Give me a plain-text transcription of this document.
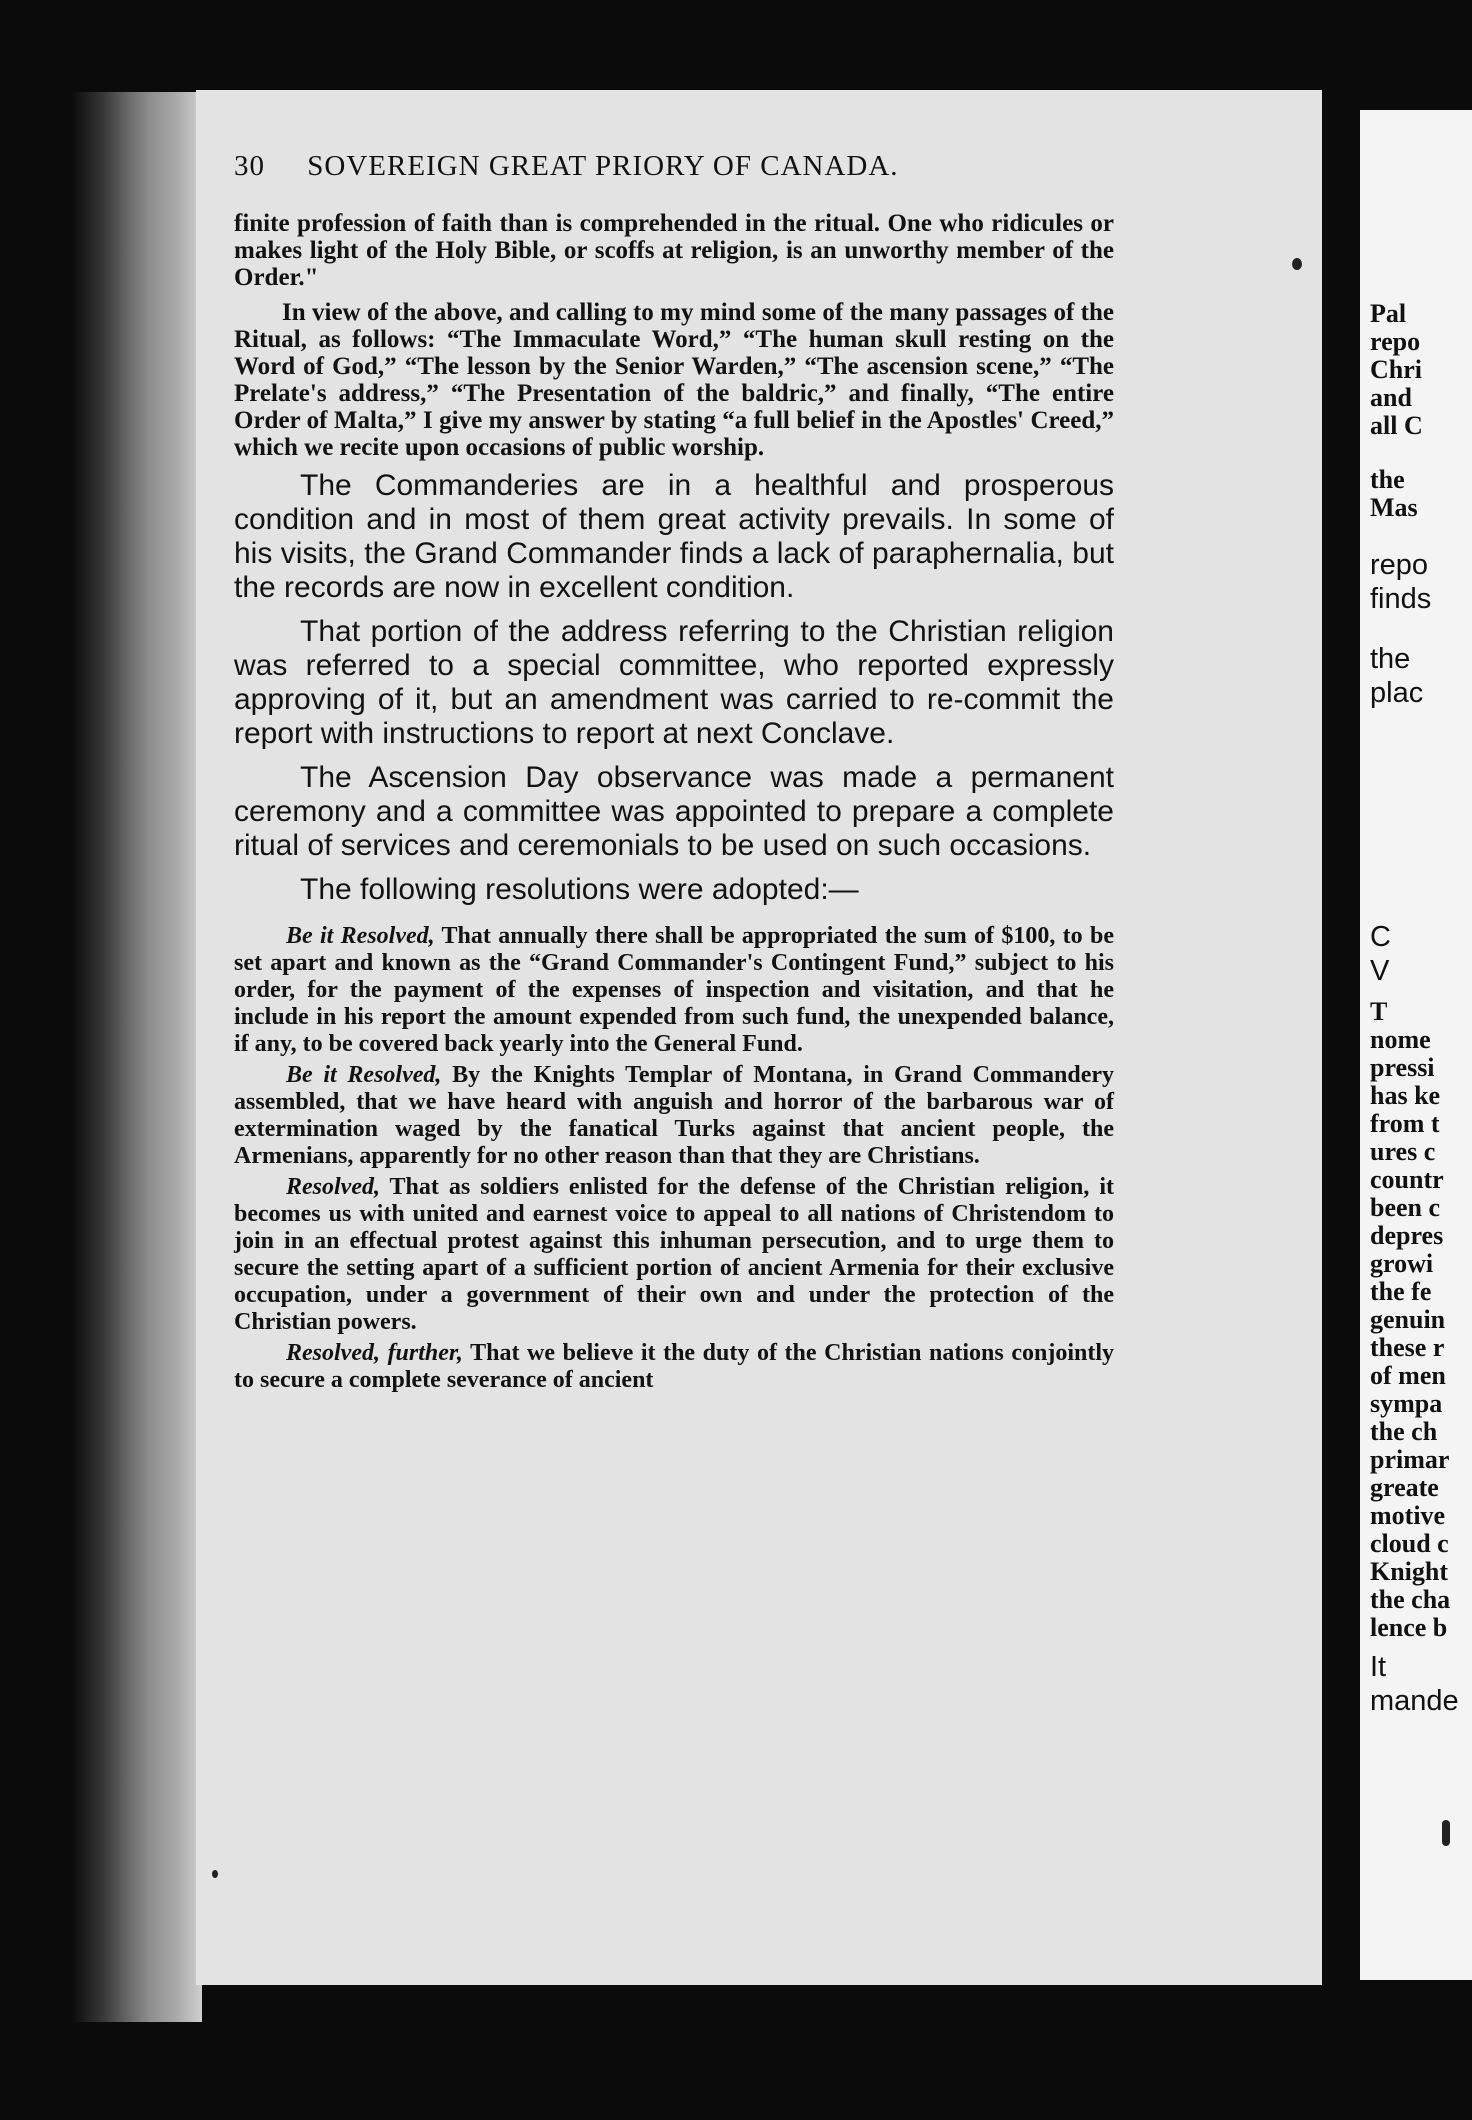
Pal
repo
Chri
and
all C
the
Mas
repo
finds
the
plac
C
V
T
nome
pressi
has ke
from t
ures c
countr
been c
depres
growi
the fe
genuin
these r
of men
sympa
the ch
primar
greate
motive
cloud c
Knight
the cha
lence b
It
mande
30 SOVEREIGN GREAT PRIORY OF CANADA.

finite profession of faith than is comprehended in the ritual. One who ridicules or makes light of the Holy Bible, or scoffs at religion, is an unworthy member of the Order."

In view of the above, and calling to my mind some of the many passages of the Ritual, as follows: “The Immaculate Word,” “The human skull resting on the Word of God,” “The lesson by the Senior Warden,” “The ascension scene,” “The Prelate's address,” “The Presentation of the baldric,” and finally, “The entire Order of Malta,” I give my answer by stating “a full belief in the Apostles' Creed,” which we recite upon occasions of public worship.

The Commanderies are in a healthful and prosperous condition and in most of them great activity prevails. In some of his visits, the Grand Commander finds a lack of paraphernalia, but the records are now in excellent condition.

That portion of the address referring to the Christian religion was referred to a special committee, who reported expressly approving of it, but an amendment was carried to re-commit the report with instructions to report at next Conclave.

The Ascension Day observance was made a permanent ceremony and a committee was appointed to prepare a complete ritual of services and ceremonials to be used on such occasions.

The following resolutions were adopted:—

Be it Resolved, That annually there shall be appropriated the sum of $100, to be set apart and known as the “Grand Commander's Contingent Fund,” subject to his order, for the payment of the expenses of inspection and visitation, and that he include in his report the amount expended from such fund, the unexpended balance, if any, to be covered back yearly into the General Fund.

Be it Resolved, By the Knights Templar of Montana, in Grand Commandery assembled, that we have heard with anguish and horror of the barbarous war of extermination waged by the fanatical Turks against that ancient people, the Armenians, apparently for no other reason than that they are Christians.

Resolved, That as soldiers enlisted for the defense of the Christian religion, it becomes us with united and earnest voice to appeal to all nations of Christendom to join in an effectual protest against this inhuman persecution, and to urge them to secure the setting apart of a sufficient portion of ancient Armenia for their exclusive occupation, under a government of their own and under the protection of the Christian powers.

Resolved, further, That we believe it the duty of the Christian nations conjointly to secure a complete severance of ancient
